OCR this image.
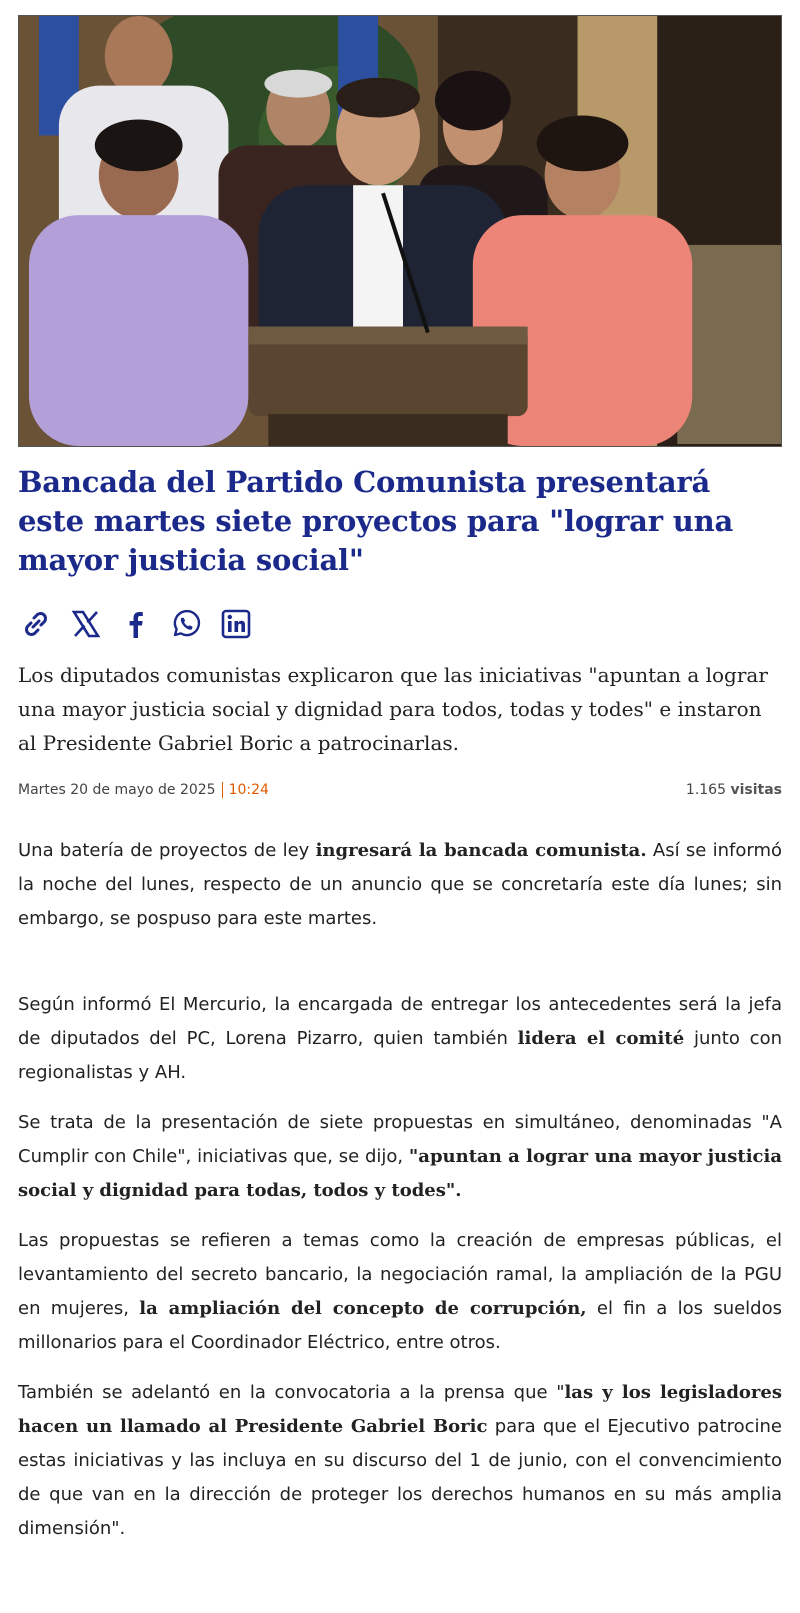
Bancada del Partido Comunista presentará este martes siete proyectos para "lograr una mayor justicia social"

Los diputados comunistas explicaron que las iniciativas "apuntan a lograr una mayor justicia social y dignidad para todos, todas y todes" e instaron al Presidente Gabriel Boric a patrocinarlas.

Martes 20 de mayo de 2025 10:24	1.165 visitas

Una batería de proyectos de ley ingresará la bancada comunista. Así se informó la noche del lunes, respecto de un anuncio que se concretaría este día lunes; sin embargo, se pospuso para este martes.

Según informó El Mercurio, la encargada de entregar los antecedentes será la jefa de diputados del PC, Lorena Pizarro, quien también lidera el comité junto con regionalistas y AH.

Se trata de la presentación de siete propuestas en simultáneo, denominadas "A Cumplir con Chile", iniciativas que, se dijo, "apuntan a lograr una mayor justicia social y dignidad para todas, todos y todes".

Las propuestas se refieren a temas como la creación de empresas públicas, el levantamiento del secreto bancario, la negociación ramal, la ampliación de la PGU en mujeres, la ampliación del concepto de corrupción, el fin a los sueldos millonarios para el Coordinador Eléctrico, entre otros.

También se adelantó en la convocatoria a la prensa que "las y los legisladores hacen un llamado al Presidente Gabriel Boric para que el Ejecutivo patrocine estas iniciativas y las incluya en su discurso del 1 de junio, con el convencimiento de que van en la dirección de proteger los derechos humanos en su más amplia dimensión".
